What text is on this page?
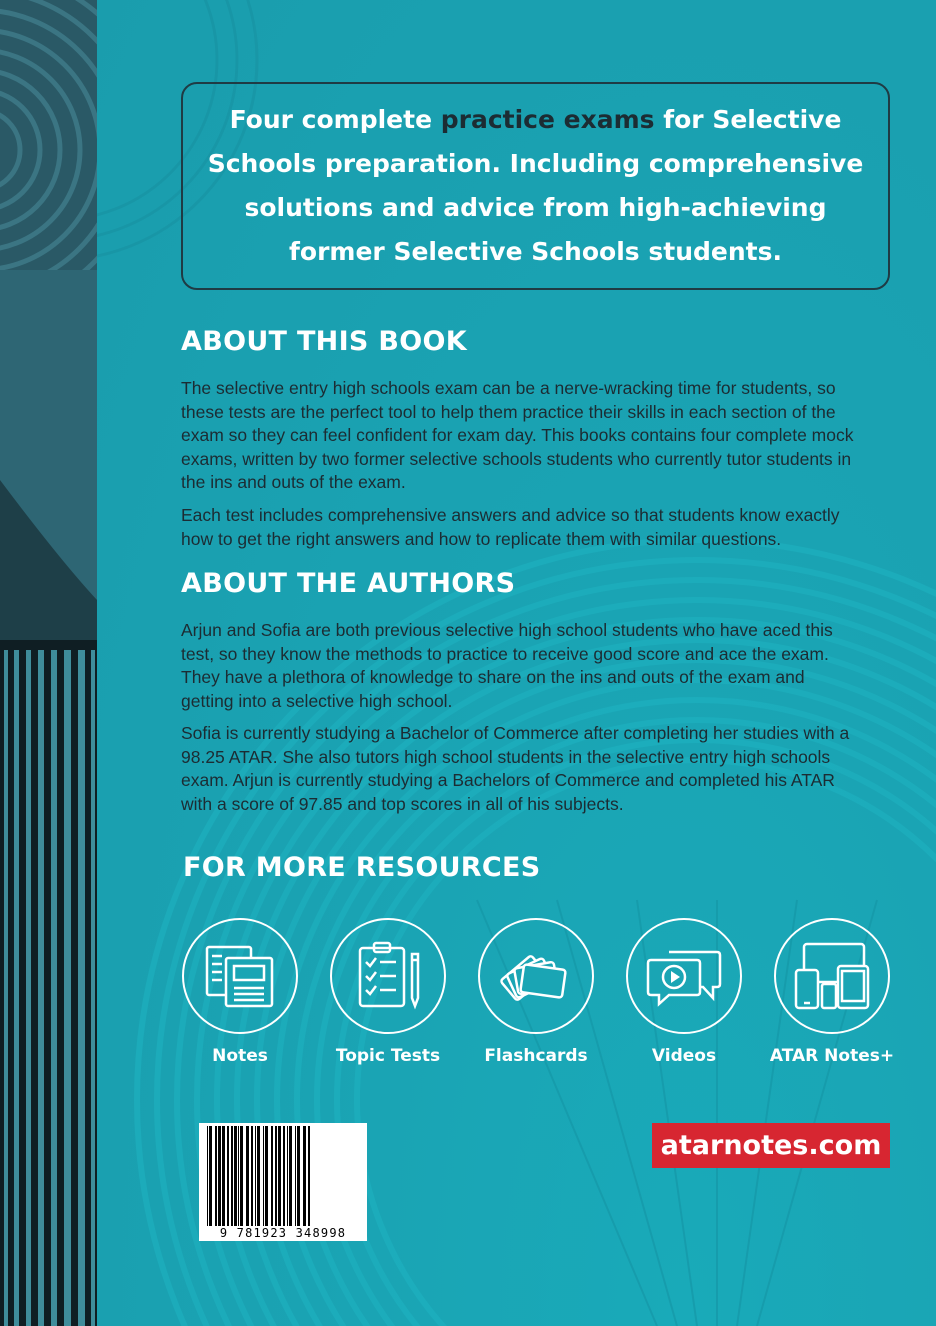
Four complete practice exams for Selective Schools preparation. Including comprehensive solutions and advice from high-achieving former Selective Schools students.

ABOUT THIS BOOK

The selective entry high schools exam can be a nerve-wracking time for students, so these tests are the perfect tool to help them practice their skills in each section of the exam so they can feel confident for exam day. This books contains four complete mock exams, written by two former selective schools students who currently tutor students in the ins and outs of the exam.

Each test includes comprehensive answers and advice so that students know exactly how to get the right answers and how to replicate them with similar questions.

ABOUT THE AUTHORS

Arjun and Sofia are both previous selective high school students who have aced this test, so they know the methods to practice to receive good score and ace the exam. They have a plethora of knowledge to share on the ins and outs of the exam and getting into a selective high school.

Sofia is currently studying a Bachelor of Commerce after completing her studies with a 98.25 ATAR. She also tutors high school students in the selective entry high schools exam. Arjun is currently studying a Bachelors of Commerce and completed his ATAR with a score of 97.85 and top scores in all of his subjects.

FOR MORE RESOURCES
Notes	Topic Tests	Flashcards	Videos	ATAR Notes+
9 781923 348998
atarnotes.com
